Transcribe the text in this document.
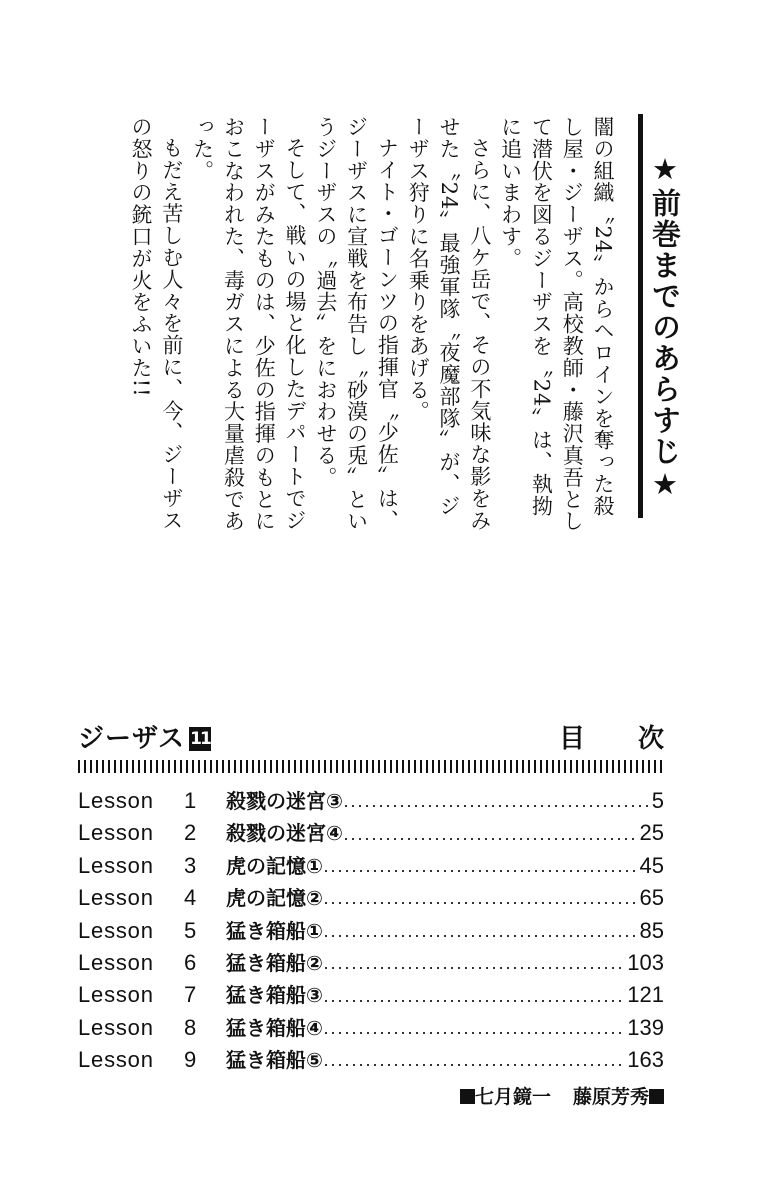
★前巻までのあらすじ★

闇の組織〝24〟からヘロインを奪った殺し屋・ジーザス。高校教師・藤沢真吾として潜伏を図るジーザスを〝24〟は、執拗に追いまわす。

さらに、八ケ岳で、その不気味な影をみせた〝24〟最強軍隊〝夜魔部隊〟が、ジーザス狩りに名乗りをあげる。

ナイト・ゴーンツの指揮官〝少佐〟は、ジーザスに宣戦を布告し〝砂漠の兎〟というジーザスの〝過去〟をにおわせる。

そして、戦いの場と化したデパートでジーザスがみたものは、少佐の指揮のもとにおこなわれた、毒ガスによる大量虐殺であった。

もだえ苦しむ人々を前に、今、ジーザスの怒りの銃口が火をふいた!!

ジーザス 11	目 次
Lesson	1	殺戮の迷宮③	5
Lesson	2	殺戮の迷宮④	25
Lesson	3	虎の記憶①	45
Lesson	4	虎の記憶②	65
Lesson	5	猛き箱船①	85
Lesson	6	猛き箱船②	103
Lesson	7	猛き箱船③	121
Lesson	8	猛き箱船④	139
Lesson	9	猛き箱船⑤	163
七月鏡一 藤原芳秀
